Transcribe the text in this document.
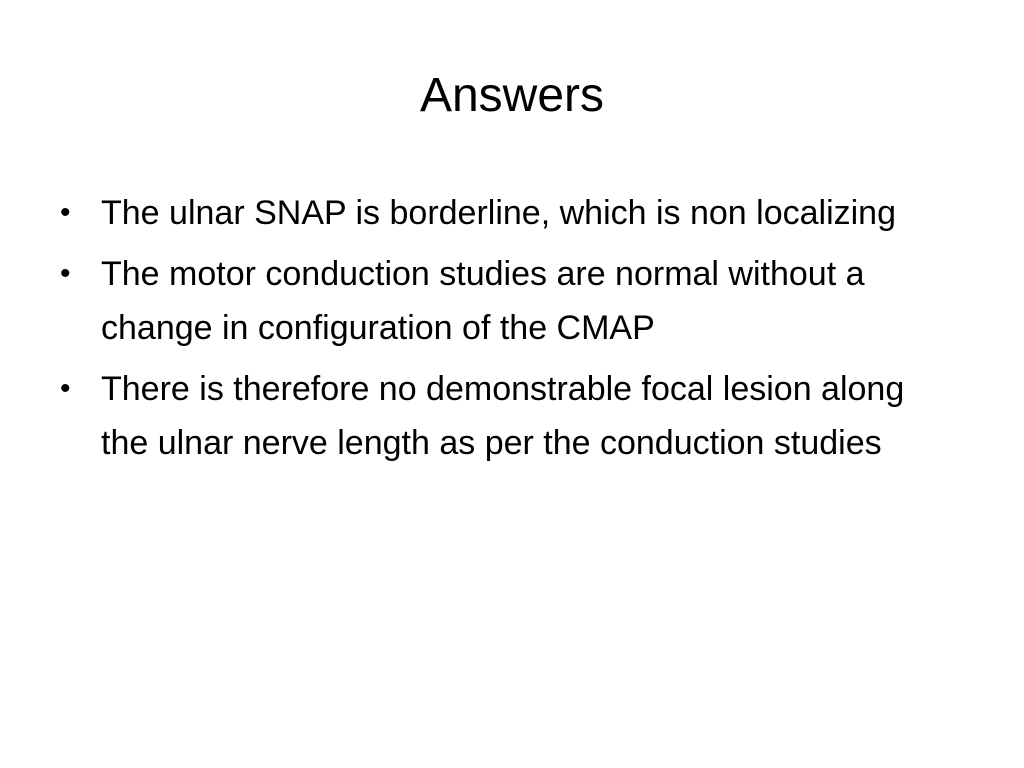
Answers
• The ulnar SNAP is borderline, which is non localizing
• The motor conduction studies are normal without a change in configuration of the CMAP
• There is therefore no demonstrable focal lesion along the ulnar nerve length as per the conduction studies
